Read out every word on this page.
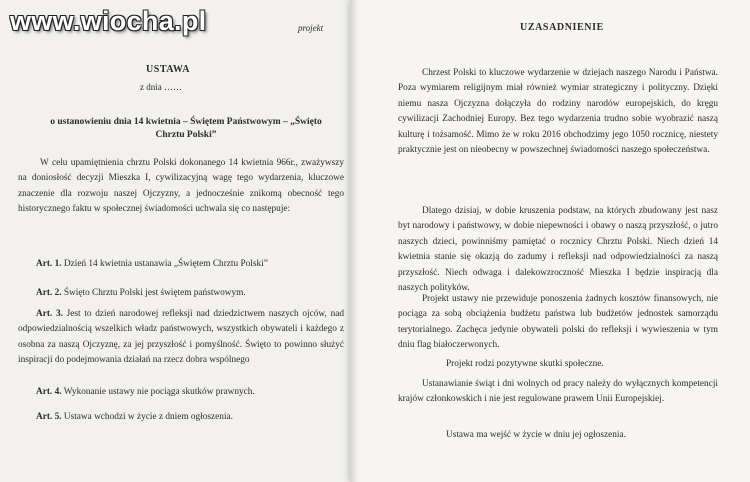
projekt
USTAWA
z dnia ……
o ustanowieniu dnia 14 kwietnia – Świętem Państwowym – „Święto Chrztu Polski”
W celu upamiętnienia chrztu Polski dokonanego 14 kwietnia 966r., zważywszy na doniosłość decyzji Mieszka I, cywilizacyjną wagę tego wydarzenia, kluczowe znaczenie dla rozwoju naszej Ojczyzny, a jednocześnie znikomą obecność tego historycznego faktu w społecznej świadomości uchwala się co następuje:
Art. 1. Dzień 14 kwietnia ustanawia „Świętem Chrztu Polski”
Art. 2. Święto Chrztu Polski jest świętem państwowym.
Art. 3. Jest to dzień narodowej refleksji nad dziedzictwem naszych ojców, nad odpowiedzialnością wszelkich władz państwowych, wszystkich obywateli i każdego z osobna za naszą Ojczyznę, za jej przyszłość i pomyślność. Święto to powinno służyć inspiracji do podejmowania działań na rzecz dobra wspólnego
Art. 4. Wykonanie ustawy nie pociąga skutków prawnych.
Art. 5. Ustawa wchodzi w życie z dniem ogłoszenia.
UZASADNIENIE
Chrzest Polski to kluczowe wydarzenie w dziejach naszego Narodu i Państwa. Poza wymiarem religijnym miał również wymiar strategiczny i polityczny. Dzięki niemu nasza Ojczyzna dołączyła do rodziny narodów europejskich, do kręgu cywilizacji Zachodniej Europy. Bez tego wydarzenia trudno sobie wyobrazić naszą kulturę i tożsamość. Mimo że w roku 2016 obchodzimy jego 1050 rocznicę, niestety praktycznie jest on nieobecny w powszechnej świadomości naszego społeczeństwa.
Dlatego dzisiaj, w dobie kruszenia podstaw, na których zbudowany jest nasz byt narodowy i państwowy, w dobie niepewności i obawy o naszą przyszłość, o jutro naszych dzieci, powinniśmy pamiętać o rocznicy Chrztu Polski. Niech dzień 14 kwietnia stanie się okazją do zadumy i refleksji nad odpowiedzialności za naszą przyszłość. Niech odwaga i dalekowzroczność Mieszka I będzie inspiracją dla naszych polityków.
Projekt ustawy nie przewiduje ponoszenia żadnych kosztów finansowych, nie pociąga za sobą obciążenia budżetu państwa lub budżetów jednostek samorządu terytorialnego. Zachęca jedynie obywateli polski do refleksji i wywieszenia w tym dniu flag białoczerwonych.
Projekt rodzi pozytywne skutki społeczne.
Ustanawianie świąt i dni wolnych od pracy należy do wyłącznych kompetencji krajów członkowskich i nie jest regulowane prawem Unii Europejskiej.
Ustawa ma wejść w życie w dniu jej ogłoszenia.
www.wiocha.pl
